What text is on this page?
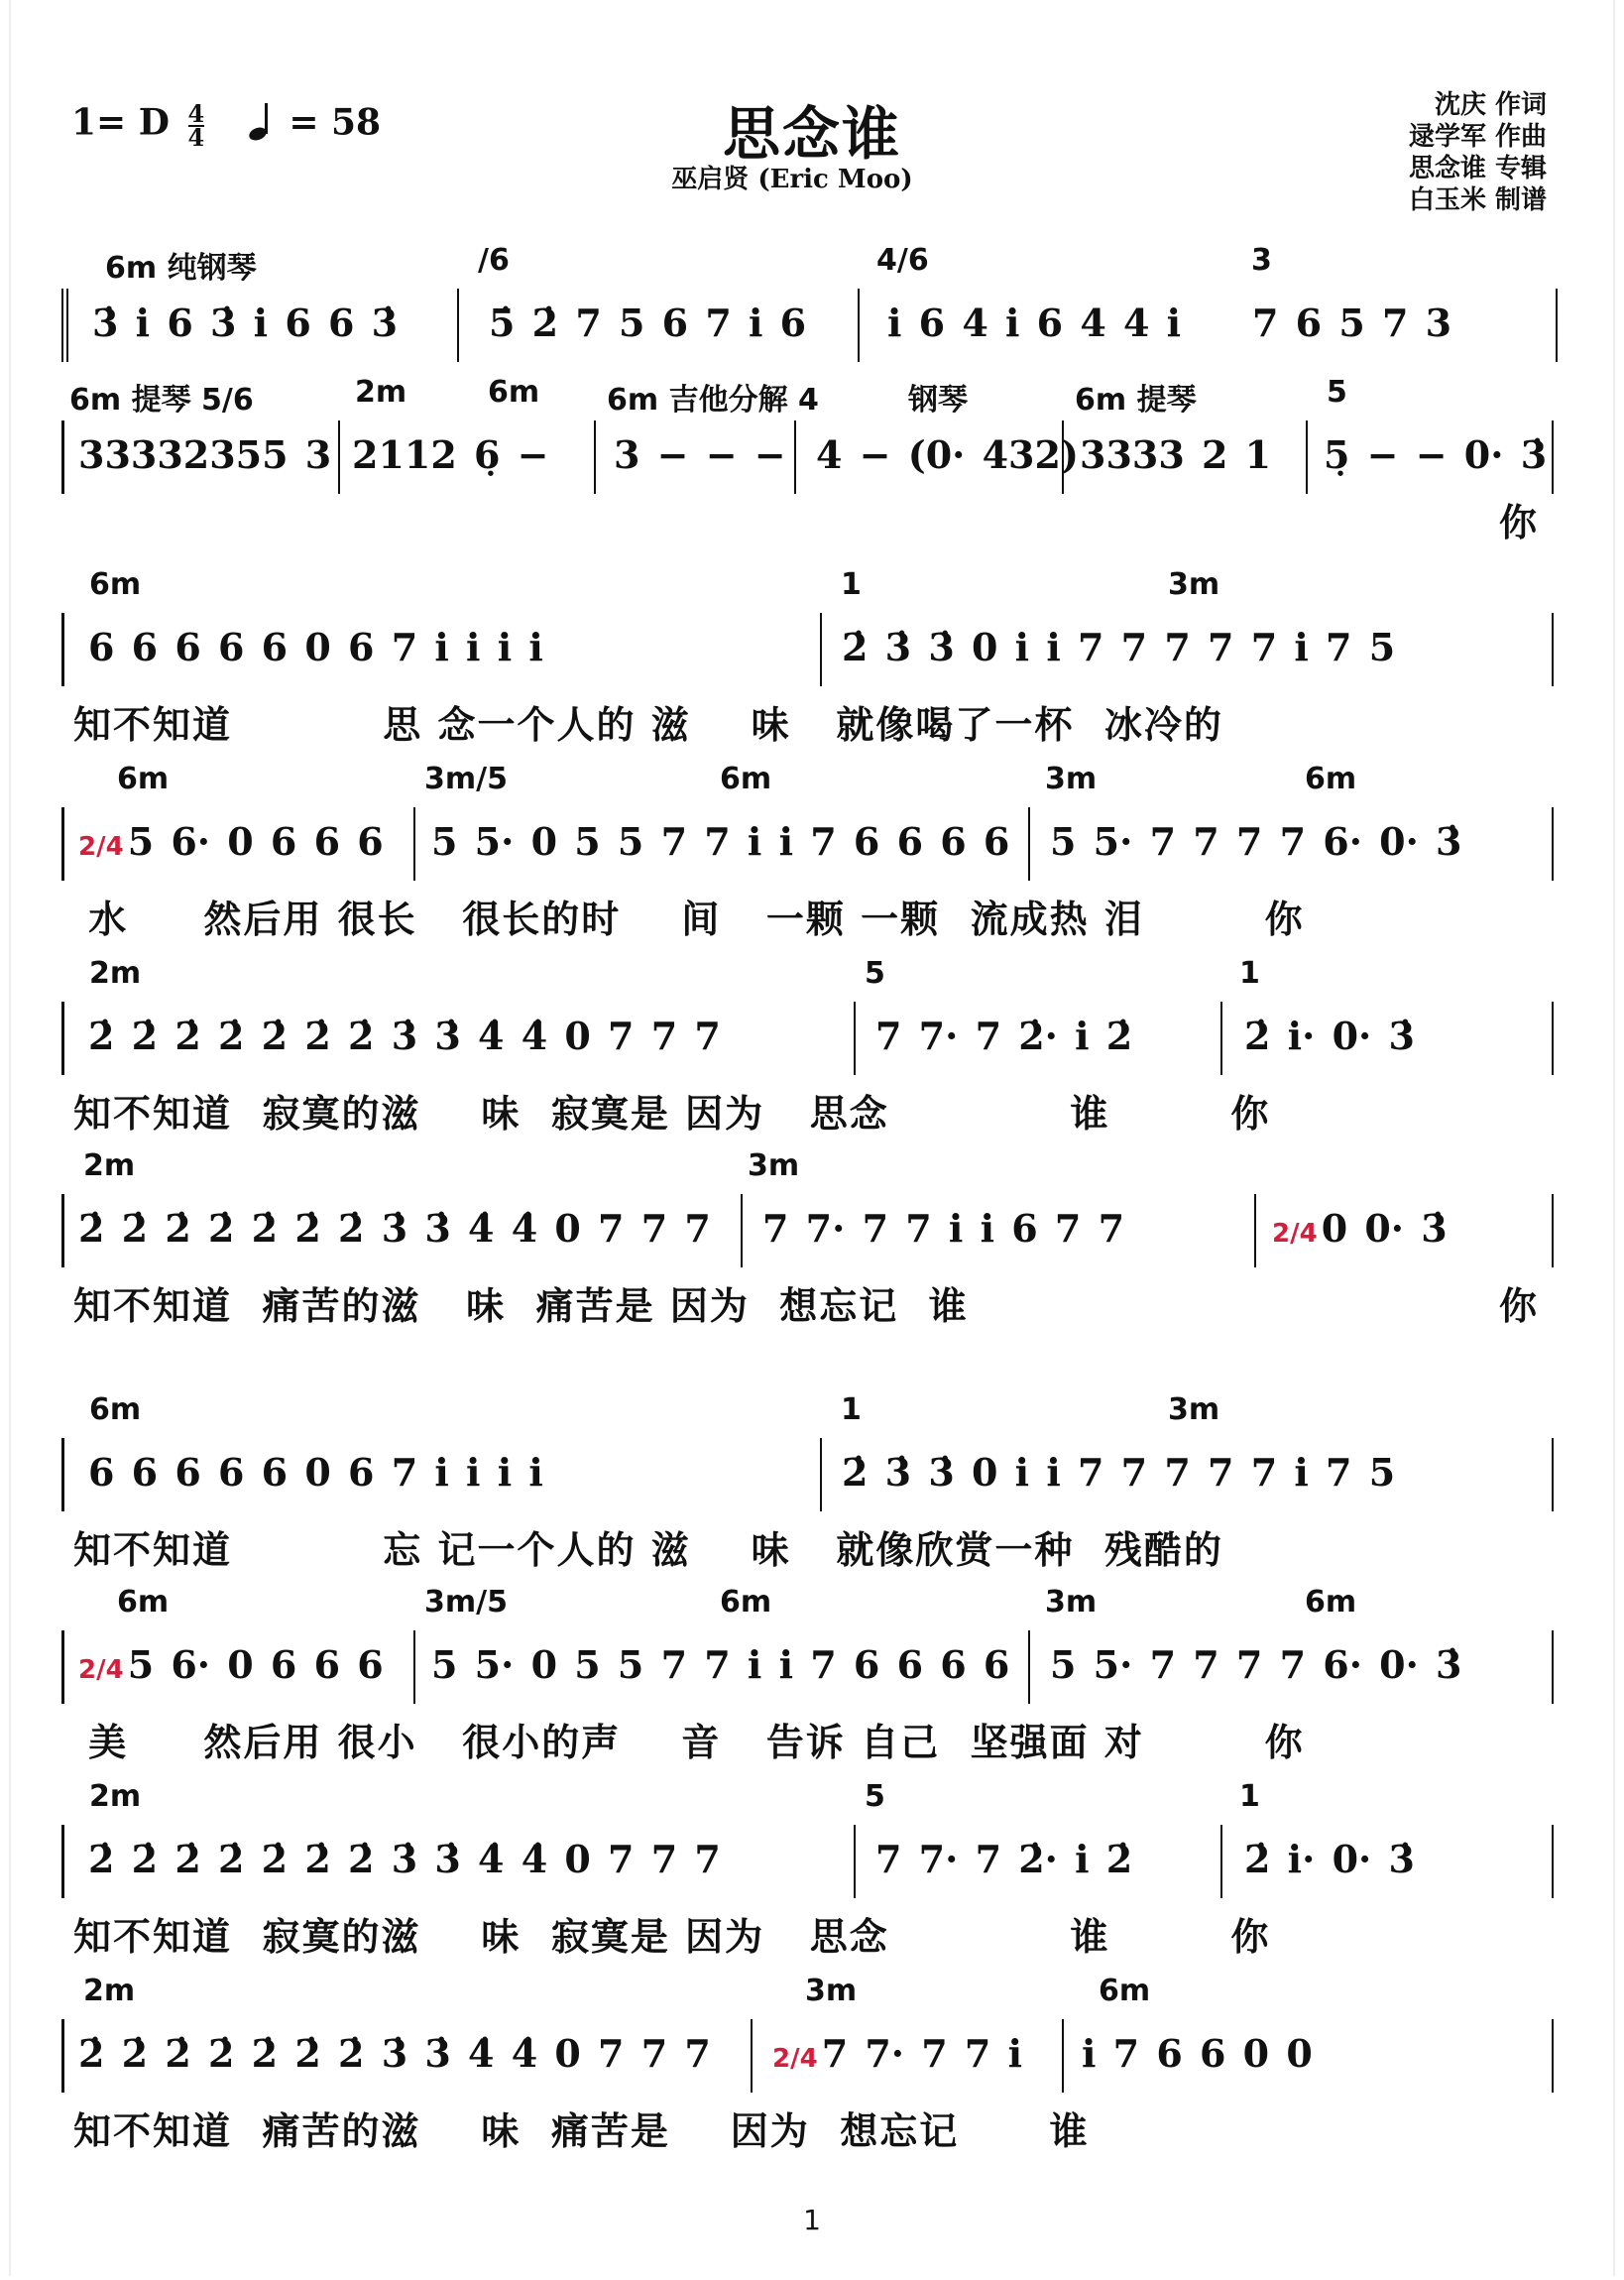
1= D $\frac{4}{4} = 58$	思念谁
巫启贤 (Eric Moo)
沈庆 作词
逯学军 作曲
思念谁 专辑
白玉米 制谱
6m 纯钢琴	/6	4/6	3
3̇ i 6 3̇ i 6 6 3̇ 5̇ 2̇ 7 5 6 7 i 6 i 6 4 i 6 4 4 i 7 6 5 7 3
6m 提琴 5/6	2m	6m 6m 吉他分解 4	钢琴	6m 提琴	5
33332355 3 2112 6̣ − 3 − − − 4 − (0· 432) 3333 2 1 5̣ − − 0· 3̇
你
6m	1	3m
6 6 6 6 6 0 6 7 i i i i	2̇ 3̇ 3̇ 0 i i 7 7 7 7 7 i 7 5
知不知道          思 念一个人的 滋    味   就像喝了一杯  冰冷的
6m	3m/5	6m	3m	6m
2/4 5 6· 0 6 6 6 5 5· 0 5 5 7 7 i i 7 6 6 6 6 5 5· 7 7 7 7 6· 0· 3̇
水     然后用 很长   很长的时    间   一颗 一颗  流成热 泪        你
2m	5	1
2̇ 2̇ 2̇ 2̇ 2̇ 2̇ 2̇ 3̇ 3̇ 4̇ 4̇ 0 7 7 7	7 7· 7 2̇· i 2̇	2̇ i· 0· 3̇
知不知道  寂寞的滋    味  寂寞是 因为   思念            谁        你
2m	3m
2̇ 2̇ 2̇ 2̇ 2̇ 2̇ 2̇ 3̇ 3̇ 4̇ 4̇ 0 7 7 7 7 7· 7 7 i i 6 7 7	2/4 0 0· 3̇
知不知道  痛苦的滋   味  痛苦是 因为  想忘记  谁	你
6m	1	3m
6 6 6 6 6 0 6 7 i i i i	2̇ 3̇ 3̇ 0 i i 7 7 7 7 7 i 7 5
知不知道          忘 记一个人的 滋    味   就像欣赏一种  残酷的
6m	3m/5	6m	3m	6m
2/4 5 6· 0 6 6 6 5 5· 0 5 5 7 7 i i 7 6 6 6 6 5 5· 7 7 7 7 6· 0· 3̇
美     然后用 很小   很小的声    音   告诉 自己  坚强面 对        你
2m	5	1
2̇ 2̇ 2̇ 2̇ 2̇ 2̇ 2̇ 3̇ 3̇ 4̇ 4̇ 0 7 7 7	7 7· 7 2̇· i 2̇	2̇ i· 0· 3̇
知不知道  寂寞的滋    味  寂寞是 因为   思念            谁        你
2m	3m	6m
2̇ 2̇ 2̇ 2̇ 2̇ 2̇ 2̇ 3̇ 3̇ 4̇ 4̇ 0 7 7 7 2/4 7 7· 7 7 i i 7 6 6 0 0
知不知道  痛苦的滋    味  痛苦是    因为  想忘记      谁
1
